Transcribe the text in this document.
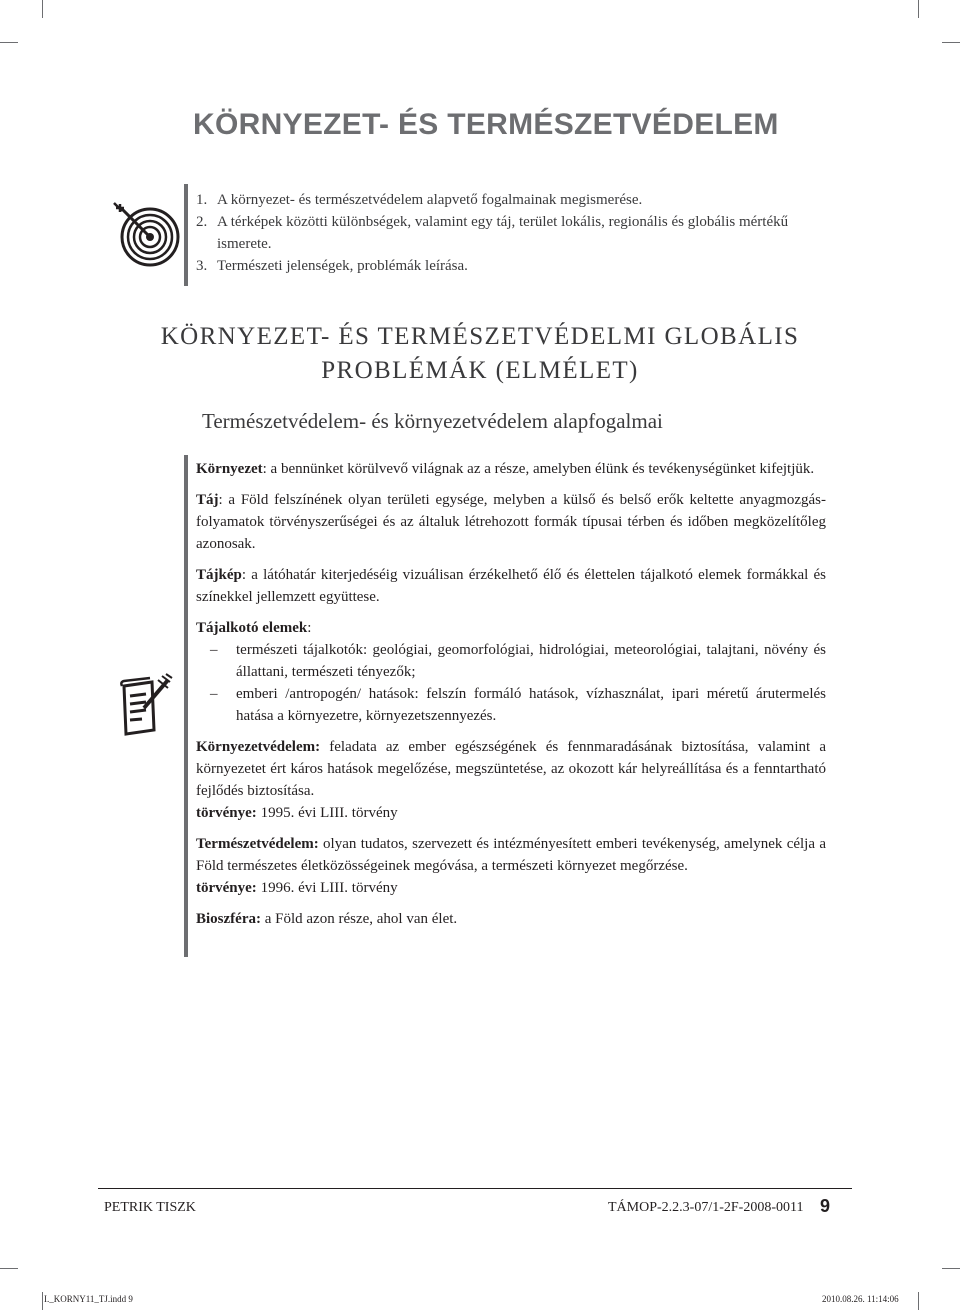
KÖRNYEZET- ÉS TERMÉSZETVÉDELEM
1. A környezet- és természetvédelem alapvető fogalmainak megismerése.
2. A térképek közötti különbségek, valamint egy táj, terület lokális, regionális és globális mértékű ismerete.
3. Természeti jelenségek, problémák leírása.
KÖRNYEZET- ÉS TERMÉSZETVÉDELMI GLOBÁLIS
PROBLÉMÁK (ELMÉLET)
Természetvédelem- és környezetvédelem alapfogalmai

Környezet: a bennünket körülvevő világnak az a része, amelyben élünk és tevékenységünket kifejtjük.

Táj: a Föld felszínének olyan területi egysége, melyben a külső és belső erők keltette anyagmozgás-folyamatok törvényszerűségei és az általuk létrehozott formák típusai térben és időben megközelítőleg azonosak.

Tájkép: a látóhatár kiterjedéséig vizuálisan érzékelhető élő és élettelen tájalkotó elemek formákkal és színekkel jellemzett együttese.

Tájalkotó elemek:

– természeti tájalkotók: geológiai, geomorfológiai, hidrológiai, meteorológiai, talajtani, növény és állattani, természeti tényezők;
– emberi /antropogén/ hatások: felszín formáló hatások, vízhasználat, ipari méretű árutermelés hatása a környezetre, környezetszennyezés.

Környezetvédelem: feladata az ember egészségének és fennmaradásának biztosítása, valamint a környezetet ért káros hatások megelőzése, megszüntetése, az okozott kár helyreállítása és a fenntartható fejlődés biztosítása.

törvénye: 1995. évi LIII. törvény

Természetvédelem: olyan tudatos, szervezett és intézményesített emberi tevékenység, amelynek célja a Föld természetes életközösségeinek megóvása, a természeti környezet megőrzése.

törvénye: 1996. évi LIII. törvény

Bioszféra: a Föld azon része, ahol van élet.

PETRIK TISZK	TÁMOP-2.2.3-07/1-2F-2008-0011 9
I._KORNY11_TJ.indd 9	2010.08.26. 11:14:06
